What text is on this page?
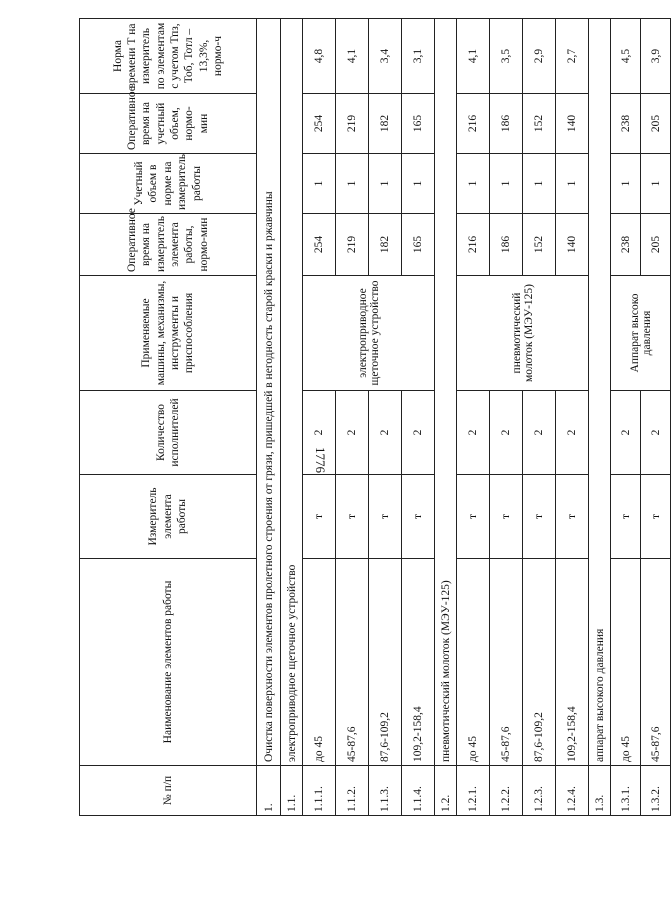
1776
№ п/п	Наименование элементов работы	Измеритель элемента работы	Количество исполнителей	Применяемые машины, механизмы, инструменты и приспособления	Оперативное время на измеритель элемента работы, нормо-мин	Учетный объем в норме на измеритель работы	Оперативное время на учетный объем, нормо-мин	Норма времени Т на измеритель по элементам с учетом Тпз, Тоб, Тотл – 13,3%, нормо-ч
1.	Очистка поверхности элементов пролетного строения от грязи, пришедшей в негодность старой краски и ржавчины							
1.1.	электроприводное щеточное устройство							
1.1.1.	до 45	т	2	электроприводное щеточное устройство	254	1	254	4,8
1.1.2.	45-87,6	т	2		219	1	219	4,1
1.1.3.	87,6-109,2	т	2		182	1	182	3,4
1.1.4.	109,2-158,4	т	2		165	1	165	3,1
1.2.	пневмотический молоток (МЭУ-125)							
1.2.1.	до 45	т	2	пневмотический молоток (МЭУ-125)	216	1	216	4,1
1.2.2.	45-87,6	т	2		186	1	186	3,5
1.2.3.	87,6-109,2	т	2		152	1	152	2,9
1.2.4.	109,2-158,4	т	2		140	1	140	2,7
1.3.	аппарат высокого давления							
1.3.1.	до 45	т	2	Аппарат высоко давления	238	1	238	4,5
1.3.2.	45-87,6	т	2		205	1	205	3,9
